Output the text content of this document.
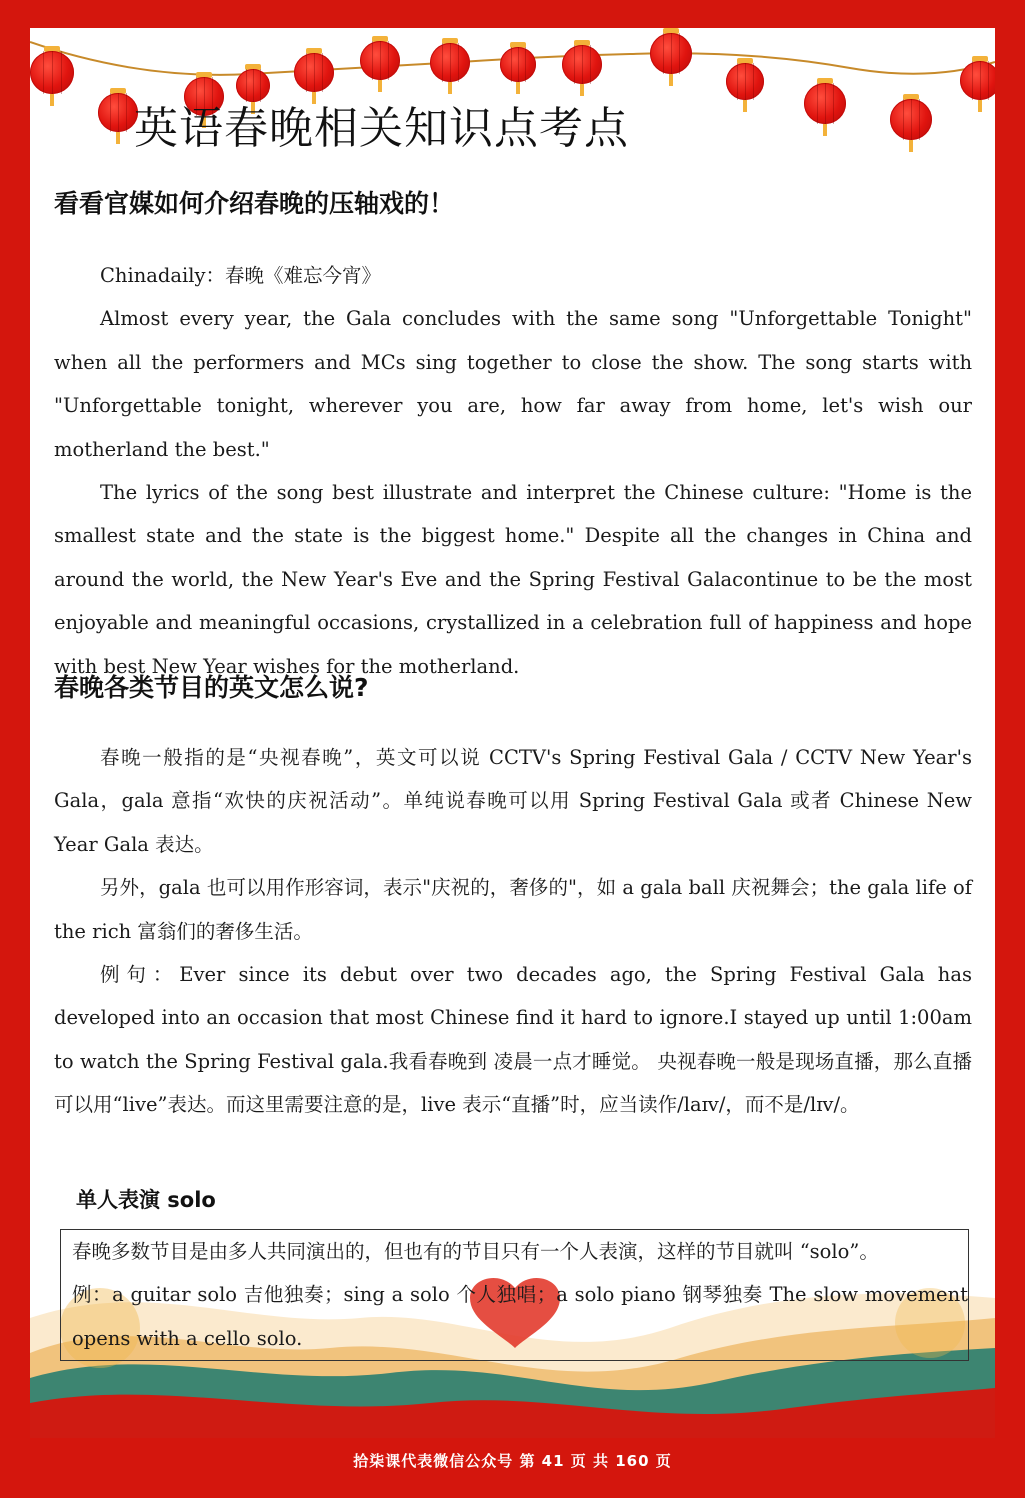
英语春晚相关知识点考点
看看官媒如何介绍春晚的压轴戏的！

Chinadaily：春晚《难忘今宵》

Almost every year, the Gala concludes with the same song "Unforgettable Tonight" when all the performers and MCs sing together to close the show. The song starts with "Unforgettable tonight, wherever you are, how far away from home, let's wish our motherland the best."

The lyrics of the song best illustrate and interpret the Chinese culture: "Home is the smallest state and the state is the biggest home." Despite all the changes in China and around the world, the New Year's Eve and the Spring Festival Galacontinue to be the most enjoyable and meaningful occasions, crystallized in a celebration full of happiness and hope with best New Year wishes for the motherland.

春晚各类节目的英文怎么说?

春晚一般指的是“央视春晚”，英文可以说 CCTV's Spring Festival Gala / CCTV New Year's Gala，gala 意指“欢快的庆祝活动”。单纯说春晚可以用 Spring Festival Gala 或者 Chinese New Year Gala 表达。

另外，gala 也可以用作形容词，表示"庆祝的，奢侈的"，如 a gala ball 庆祝舞会；the gala life of the rich 富翁们的奢侈生活。

例句：Ever since its debut over two decades ago, the Spring Festival Gala has developed into an occasion that most Chinese find it hard to ignore.I stayed up until 1:00am to watch the Spring Festival gala.我看春晚到 凌晨一点才睡觉。 央视春晚一般是现场直播，那么直播可以用“live”表达。而这里需要注意的是，live 表示“直播”时，应当读作/laɪv/，而不是/lɪv/。

单人表演 solo

春晚多数节目是由多人共同演出的，但也有的节目只有一个人表演，这样的节目就叫 “solo”。

例：a guitar solo 吉他独奏；sing a solo 个人独唱；a solo piano 钢琴独奏 The slow movement opens with a cello solo.

拾柒课代表微信公众号 第 41 页 共 160 页
